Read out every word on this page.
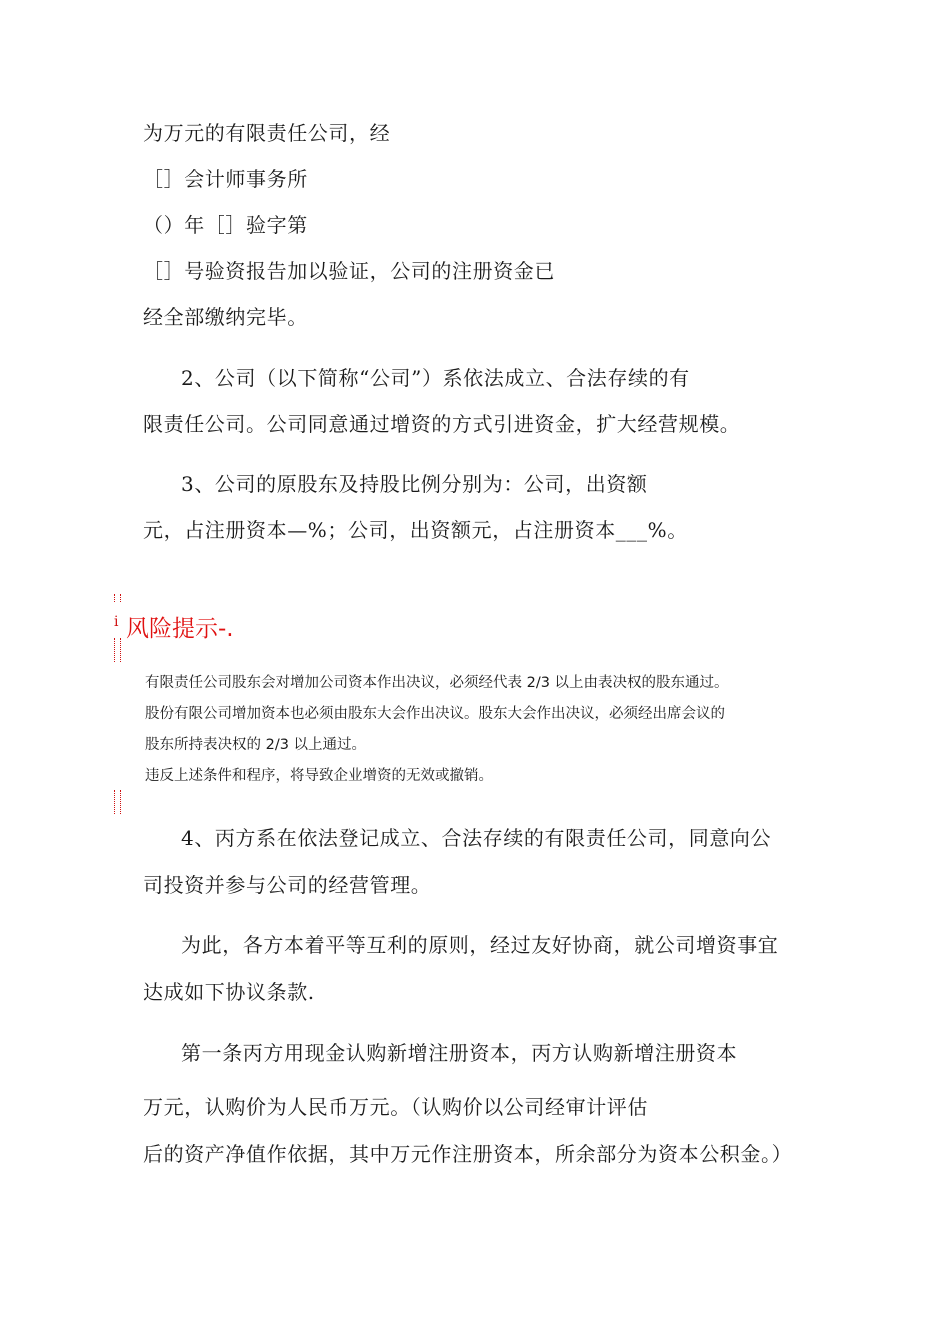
为万元的有限责任公司，经
［］会计师事务所
（）年［］验字第
［］号验资报告加以验证，公司的注册资金已
经全部缴纳完毕。
2、公司（以下简称“公司”）系依法成立、合法存续的有
限责任公司。公司同意通过增资的方式引进资金，扩大经营规模。
3、公司的原股东及持股比例分别为：公司，出资额
元，占注册资本—%；公司，出资额元，占注册资本___%。
i 风险提示-.
有限责任公司股东会对增加公司资本作出决议，必须经代表 2/3 以上由表决权的股东通过。
股份有限公司增加资本也必须由股东大会作出决议。股东大会作出决议，必须经出席会议的
股东所持表决权的 2/3 以上通过。
违反上述条件和程序，将导致企业增资的无效或撤销。
4、丙方系在依法登记成立、合法存续的有限责任公司，同意向公
司投资并参与公司的经营管理。
为此，各方本着平等互利的原则，经过友好协商，就公司增资事宜
达成如下协议条款.
第一条丙方用现金认购新增注册资本，丙方认购新增注册资本
万元，认购价为人民币万元。（认购价以公司经审计评估
后的资产净值作依据，其中万元作注册资本，所余部分为资本公积金。）
